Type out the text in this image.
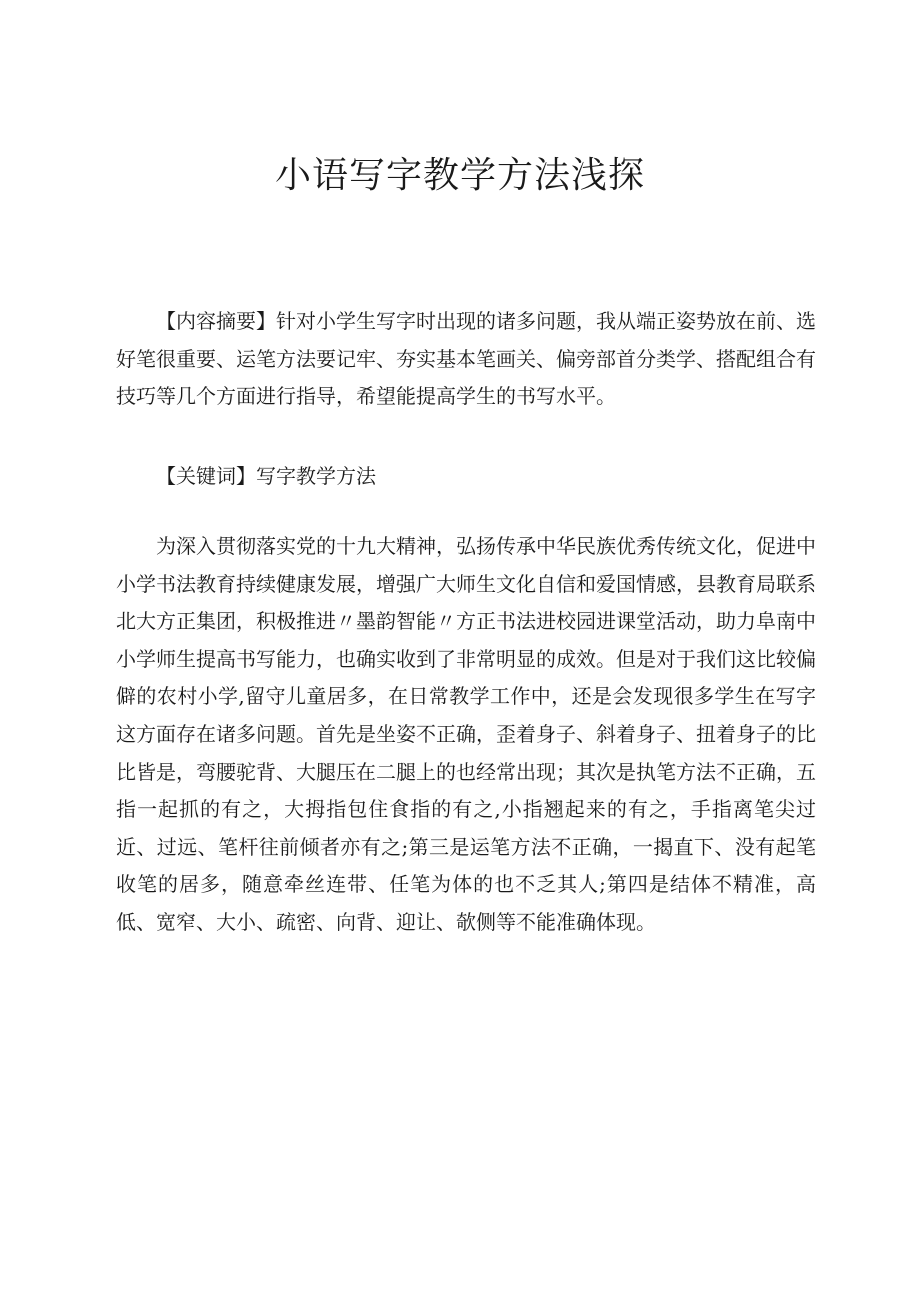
小语写字教学方法浅探

【内容摘要】针对小学生写字时出现的诸多问题，我从端正姿势放在前、选好笔很重要、运笔方法要记牢、夯实基本笔画关、偏旁部首分类学、搭配组合有技巧等几个方面进行指导，希望能提高学生的书写水平。

【关键词】写字教学方法

为深入贯彻落实党的十九大精神，弘扬传承中华民族优秀传统文化，促进中小学书法教育持续健康发展，增强广大师生文化自信和爱国情感，县教育局联系北大方正集团，积极推进〃墨韵智能〃方正书法进校园进课堂活动，助力阜南中小学师生提高书写能力，也确实收到了非常明显的成效。但是对于我们这比较偏僻的农村小学,留守儿童居多，在日常教学工作中，还是会发现很多学生在写字这方面存在诸多问题。首先是坐姿不正确，歪着身子、斜着身子、扭着身子的比比皆是，弯腰驼背、大腿压在二腿上的也经常出现；其次是执笔方法不正确，五指一起抓的有之，大拇指包住食指的有之,小指翘起来的有之，手指离笔尖过近、过远、笔杆往前倾者亦有之;第三是运笔方法不正确，一揭直下、没有起笔收笔的居多，随意牵丝连带、任笔为体的也不乏其人;第四是结体不精准，高低、宽窄、大小、疏密、向背、迎让、欹侧等不能准确体现。
